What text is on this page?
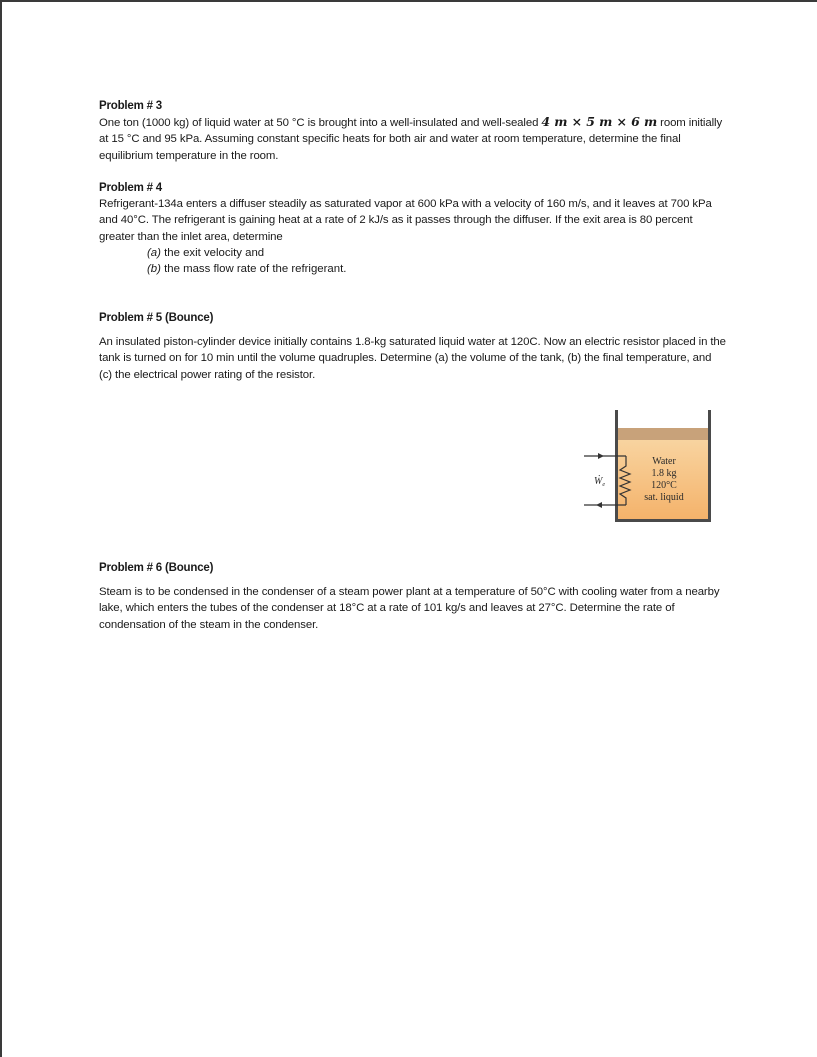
Problem # 3

One ton (1000 kg) of liquid water at 50 °C is brought into a well-insulated and well-sealed 4 m × 5 m × 6 m room initially at 15 °C and 95 kPa. Assuming constant specific heats for both air and water at room temperature, determine the final equilibrium temperature in the room.

Problem # 4

Refrigerant-134a enters a diffuser steadily as saturated vapor at 600 kPa with a velocity of 160 m/s, and it leaves at 700 kPa and 40°C. The refrigerant is gaining heat at a rate of 2 kJ/s as it passes through the diffuser. If the exit area is 80 percent greater than the inlet area, determine

(a) the exit velocity and
(b) the mass flow rate of the refrigerant.

Problem # 5 (Bounce)

An insulated piston-cylinder device initially contains 1.8-kg saturated liquid water at 120C. Now an electric resistor placed in the tank is turned on for 10 min until the volume quadruples. Determine (a) the volume of the tank, (b) the final temperature, and (c) the electrical power rating of the resistor.

Problem # 6 (Bounce)

Steam is to be condensed in the condenser of a steam power plant at a temperature of 50°C with cooling water from a nearby lake, which enters the tubes of the condenser at 18°C at a rate of 101 kg/s and leaves at 27°C. Determine the rate of condensation of the steam in the condenser.

Ẇ$_e$
Water
1.8 kg
120°C
sat. liquid
